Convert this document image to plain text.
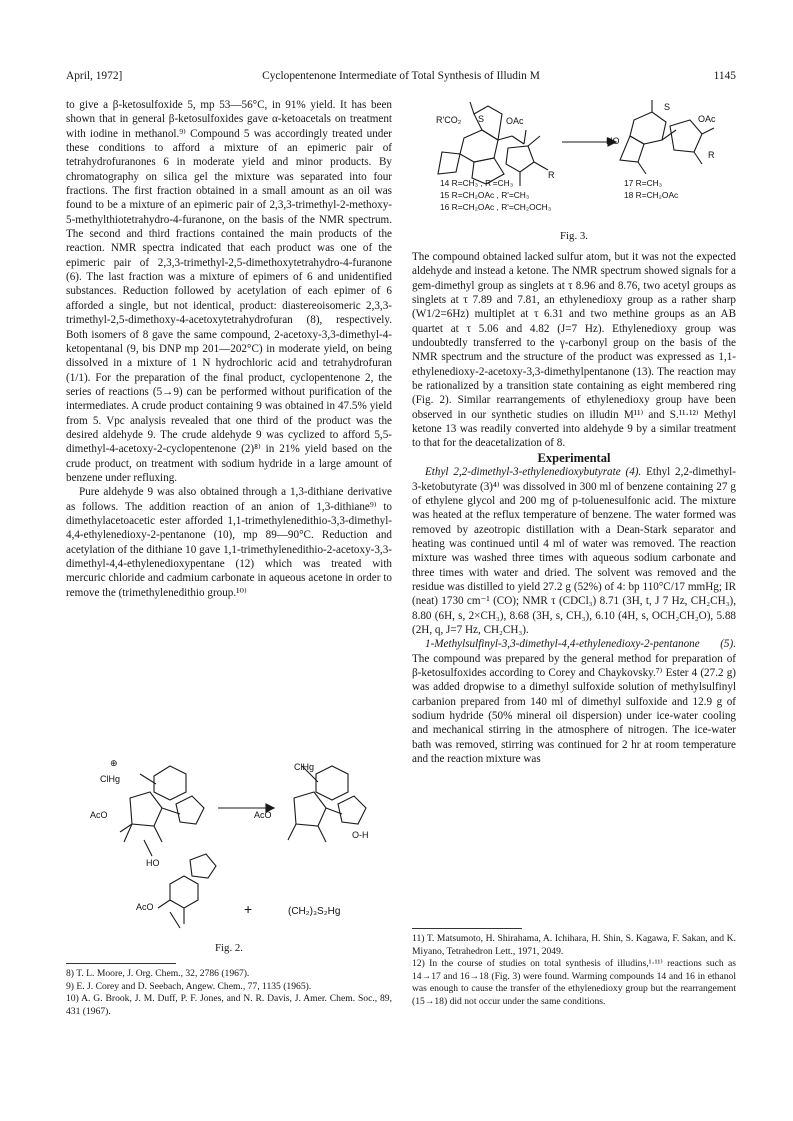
April, 1972]	Cyclopentenone Intermediate of Total Synthesis of Illudin M	1145

to give a β-ketosulfoxide 5, mp 53—56°C, in 91% yield. It has been shown that in general β-ketosulfoxides gave α-ketoacetals on treatment with iodine in methanol.⁹⁾ Compound 5 was accordingly treated under these conditions to afford a mixture of an epimeric pair of tetrahydrofuranones 6 in moderate yield and minor products. By chromatography on silica gel the mixture was separated into four fractions. The first fraction obtained in a small amount as an oil was found to be a mixture of an epimeric pair of 2,3,3-trimethyl-2-methoxy-5-methylthiotetrahydro-4-furanone, on the basis of the NMR spectrum. The second and third fractions contained the main products of the reaction. NMR spectra indicated that each product was one of the epimeric pair of 2,3,3-trimethyl-2,5-dimethoxytetrahydro-4-furanone (6). The last fraction was a mixture of epimers of 6 and unidentified substances. Reduction followed by acetylation of each epimer of 6 afforded a single, but not identical, product: diastereoisomeric 2,3,3-trimethyl-2,5-dimethoxy-4-acetoxytetrahydrofuran (8), respectively. Both isomers of 8 gave the same compound, 2-acetoxy-3,3-dimethyl-4-ketopentanal (9, bis DNP mp 201—202°C) in moderate yield, on being dissolved in a mixture of 1 N hydrochloric acid and tetrahydrofuran (1/1). For the preparation of the final product, cyclopentenone 2, the series of reactions (5→9) can be performed without purification of the intermediates. A crude product containing 9 was obtained in 47.5% yield from 5. Vpc analysis revealed that one third of the product was the desired aldehyde 9. The crude aldehyde 9 was cyclized to afford 5,5-dimethyl-4-acetoxy-2-cyclopentenone (2)⁸⁾ in 21% yield based on the crude product, on treatment with sodium hydride in a large amount of benzene under refluxing.

Pure aldehyde 9 was also obtained through a 1,3-dithiane derivative as follows. The addition reaction of an anion of 1,3-dithiane⁹⁾ to dimethylacetoacetic ester afforded 1,1-trimethylenedithio-3,3-dimethyl-4,4-ethylenedioxy-2-pentanone (10), mp 89—90°C. Reduction and acetylation of the dithiane 10 gave 1,1-trimethylenedithio-2-acetoxy-3,3-dimethyl-4,4-ethylenedioxypentane (12) which was treated with mercuric chloride and cadmium carbonate in aqueous acetone in order to remove the (trimethylenedithio group.¹⁰⁾

R'CO₂ S OAc
R
S
OAc
HO
R
14 R=CH₃ , R'=CH₃
15 R=CH₂OAc , R'=CH₃
16 R=CH₂OAc , R'=CH₂OCH₃
17 R=CH₃
18 R=CH₂OAc
Fig. 3.

The compound obtained lacked sulfur atom, but it was not the expected aldehyde and instead a ketone. The NMR spectrum showed signals for a gem-dimethyl group as singlets at τ 8.96 and 8.76, two acetyl groups as singlets at τ 7.89 and 7.81, an ethylenedioxy group as a rather sharp (W1/2=6Hz) multiplet at τ 6.31 and two methine groups as an AB quartet at τ 5.06 and 4.82 (J=7 Hz). Ethylenedioxy group was undoubtedly transferred to the γ-carbonyl group on the basis of the NMR spectrum and the structure of the product was expressed as 1,1-ethylenedioxy-2-acetoxy-3,3-dimethylpentanone (13). The reaction may be rationalized by a transition state containing as eight membered ring (Fig. 2). Similar rearrangements of ethylenedioxy group have been observed in our synthetic studies on illudin M¹¹⁾ and S.¹¹·¹²⁾ Methyl ketone 13 was readily converted into aldehyde 9 by a similar treatment to that for the deacetalization of 8.

Experimental

Ethyl 2,2-dimethyl-3-ethylenedioxybutyrate (4). Ethyl 2,2-dimethyl-3-ketobutyrate (3)⁴⁾ was dissolved in 300 ml of benzene containing 27 g of ethylene glycol and 200 mg of p-toluenesulfonic acid. The mixture was heated at the reflux temperature of benzene. The water formed was removed by azeotropic distillation with a Dean-Stark separator and heating was continued until 4 ml of water was removed. The reaction mixture was washed three times with aqueous sodium carbonate and three times with water and dried. The solvent was removed and the residue was distilled to yield 27.2 g (52%) of 4: bp 110°C/17 mmHg; IR (neat) 1730 cm⁻¹ (CO); NMR τ (CDCl₃) 8.71 (3H, t, J 7 Hz, CH₂CH₃), 8.80 (6H, s, 2×CH₃), 8.68 (3H, s, CH₃), 6.10 (4H, s, OCH₂CH₂O), 5.88 (2H, q, J=7 Hz, CH₂CH₃).

1-Methylsulfinyl-3,3-dimethyl-4,4-ethylenedioxy-2-pentanone (5). The compound was prepared by the general method for preparation of β-ketosulfoxides according to Corey and Chaykovsky.⁷⁾ Ester 4 (27.2 g) was added dropwise to a dimethyl sulfoxide solution of methylsulfinyl carbanion prepared from 140 ml of dimethyl sulfoxide and 12.9 g of sodium hydride (50% mineral oil dispersion) under ice-water cooling and mechanical stirring in the atmosphere of nitrogen. The ice-water bath was removed, stirring was continued for 2 hr at room temperature and the reaction mixture was

ClHg
⊕
AcO
HO
ClHg
AcO
O-H
AcO	+	(CH₂)₃S₂Hg
Fig. 2.

8) T. L. Moore, J. Org. Chem., 32, 2786 (1967).

9) E. J. Corey and D. Seebach, Angew. Chem., 77, 1135 (1965).

10) A. G. Brook, J. M. Duff, P. F. Jones, and N. R. Davis, J. Amer. Chem. Soc., 89, 431 (1967).

11) T. Matsumoto, H. Shirahama, A. Ichihara, H. Shin, S. Kagawa, F. Sakan, and K. Miyano, Tetrahedron Lett., 1971, 2049.

12) In the course of studies on total synthesis of illudins,¹·¹¹⁾ reactions such as 14→17 and 16→18 (Fig. 3) were found. Warming compounds 14 and 16 in ethanol was enough to cause the transfer of the ethylenedioxy group but the rearrangement (15→18) did not occur under the same conditions.
